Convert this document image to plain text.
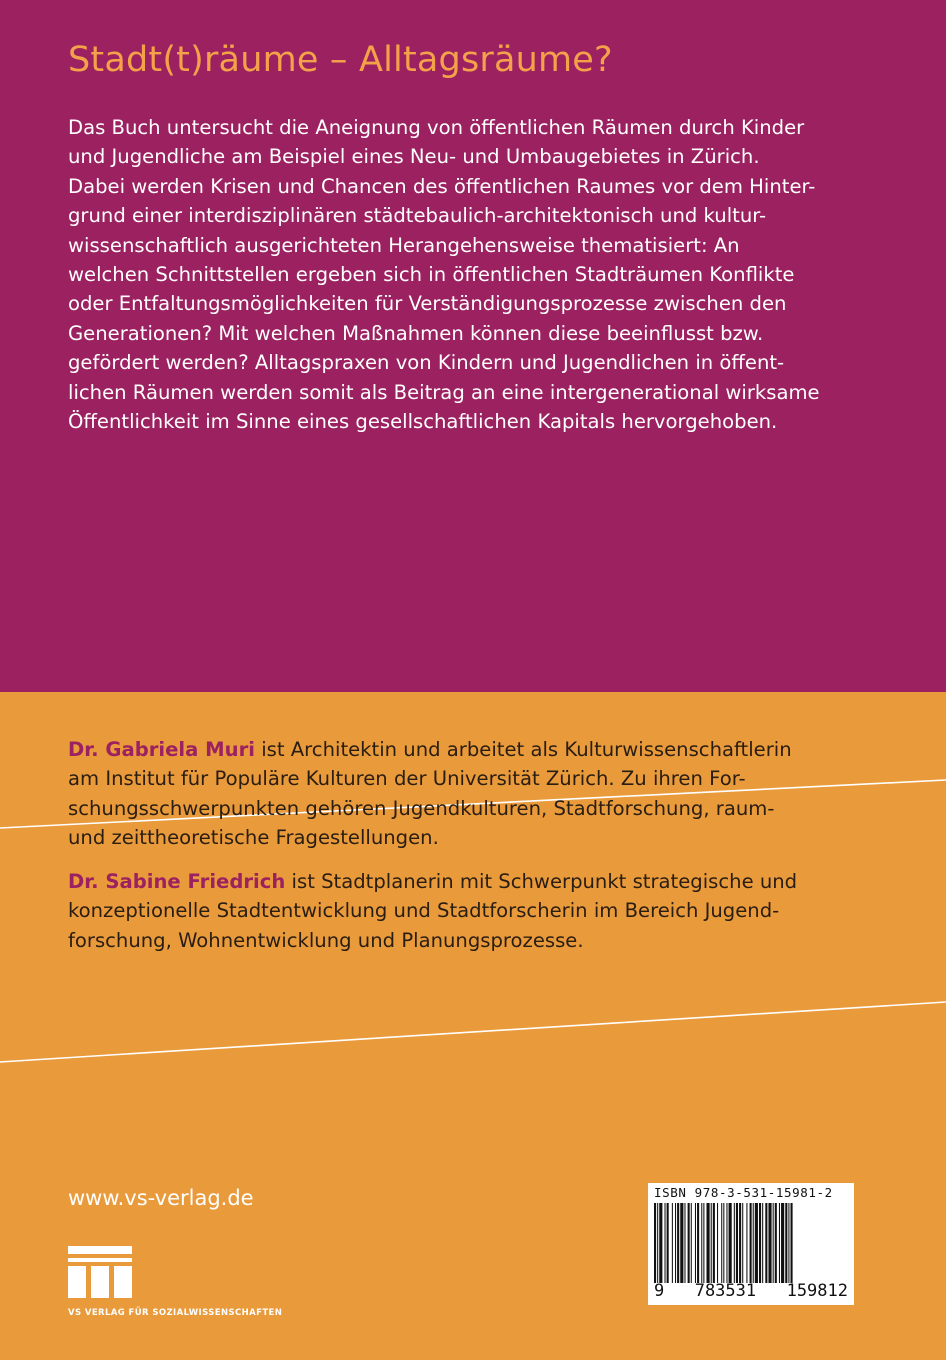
Stadt(t)räume – Alltagsräume?

Das Buch untersucht die Aneignung von öffentlichen Räumen durch Kinder
und Jugendliche am Beispiel eines Neu- und Umbaugebietes in Zürich.
Dabei werden Krisen und Chancen des öffentlichen Raumes vor dem Hinter-
grund einer interdisziplinären städtebaulich-architektonisch und kultur-
wissenschaftlich ausgerichteten Herangehensweise thematisiert: An
welchen Schnittstellen ergeben sich in öffentlichen Stadträumen Konflikte
oder Entfaltungsmöglichkeiten für Verständigungsprozesse zwischen den
Generationen? Mit welchen Maßnahmen können diese beeinflusst bzw.
gefördert werden? Alltagspraxen von Kindern und Jugendlichen in öffent-
lichen Räumen werden somit als Beitrag an eine intergenerational wirksame
Öffentlichkeit im Sinne eines gesellschaftlichen Kapitals hervorgehoben.

Dr. Gabriela Muri ist Architektin und arbeitet als Kulturwissenschaftlerin
am Institut für Populäre Kulturen der Universität Zürich. Zu ihren For-
schungsschwerpunkten gehören Jugendkulturen, Stadtforschung, raum-
und zeittheoretische Fragestellungen.

Dr. Sabine Friedrich ist Stadtplanerin mit Schwerpunkt strategische und
konzeptionelle Stadtentwicklung und Stadtforscherin im Bereich Jugend-
forschung, Wohnentwicklung und Planungsprozesse.

www.vs-verlag.de
VS VERLAG FÜR SOZIALWISSENSCHAFTEN
ISBN 978-3-531-15981-2
9 783531 159812
